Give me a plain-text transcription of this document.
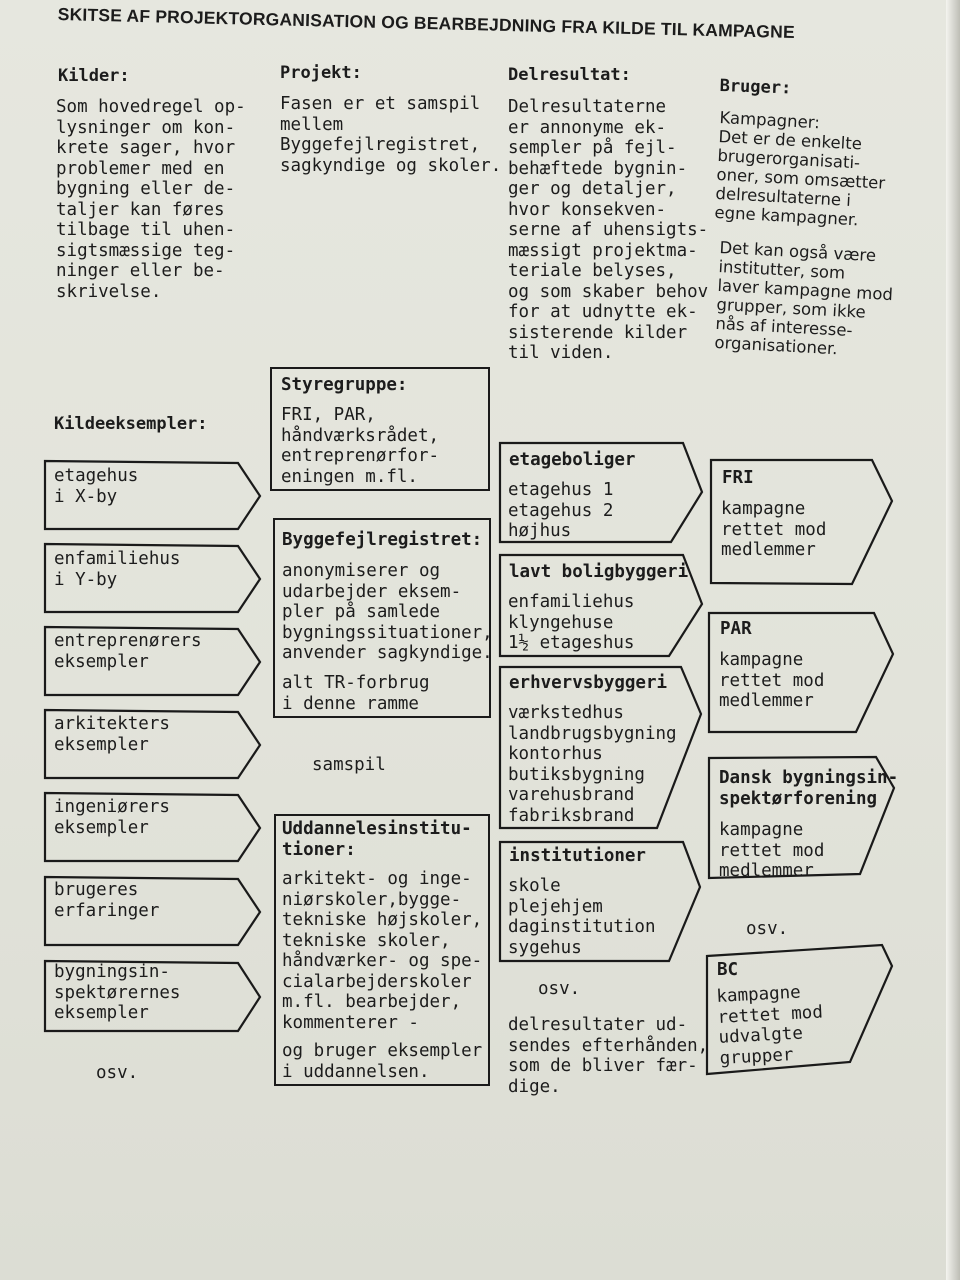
SKITSE AF PROJEKTORGANISATION OG BEARBEJDNING FRA KILDE TIL KAMPAGNE
Kilder:
Som hovedregel op-
lysninger om kon-
krete sager, hvor
problemer med en
bygning eller de-
taljer kan føres
tilbage til uhen-
sigtsmæssige teg-
ninger eller be-
skrivelse.
Projekt:
Fasen er et samspil
mellem
Byggefejlregistret,
sagkyndige og skoler.
Delresultat:
Delresultaterne
er annonyme ek-
sempler på fejl-
behæftede bygnin-
ger og detaljer,
hvor konsekven-
serne af uhensigts-
mæssigt projektma-
teriale belyses,
og som skaber behov
for at udnytte ek-
sisterende kilder
til viden.
Bruger:
Kampagner:
Det er de enkelte
brugerorganisati-
oner, som omsætter
delresultaterne i
egne kampagner.
Det kan også være
institutter, som
laver kampagne mod
grupper, som ikke
nås af interesse-
organisationer.
Kildeeksempler:
etagehus
i X-by
enfamiliehus
i Y-by
entreprenørers
eksempler
arkitekters
eksempler
ingeniørers
eksempler
brugeres
erfaringer
bygningsin-
spektørernes
eksempler
osv.
Styregruppe:
FRI, PAR,
håndværksrådet,
entreprenørfor-
eningen m.fl.
Byggefejlregistret:
anonymiserer og
udarbejder eksem-
pler på samlede
bygningssituationer,
anvender sagkyndige.
alt TR-forbrug
i denne ramme
samspil
Uddannelesinstitu-
tioner:
arkitekt- og inge-
niørskoler,bygge-
tekniske højskoler,
tekniske skoler,
håndværker- og spe-
cialarbejderskoler
m.fl. bearbejder,
kommenterer -
og bruger eksempler
i uddannelsen.
etageboliger
etagehus 1
etagehus 2
højhus
lavt boligbyggeri
enfamiliehus
klyngehuse
1½ etageshus
erhvervsbyggeri
værkstedhus
landbrugsbygning
kontorhus
butiksbygning
varehusbrand
fabriksbrand
institutioner
skole
plejehjem
daginstitution
sygehus
osv.
delresultater ud-
sendes efterhånden,
som de bliver fær-
dige.
FRI
kampagne
rettet mod
medlemmer
PAR
kampagne
rettet mod
medlemmer
Dansk bygningsin-
spektørforening
kampagne
rettet mod
medlemmer
osv.
BC
kampagne
rettet mod
udvalgte
grupper
